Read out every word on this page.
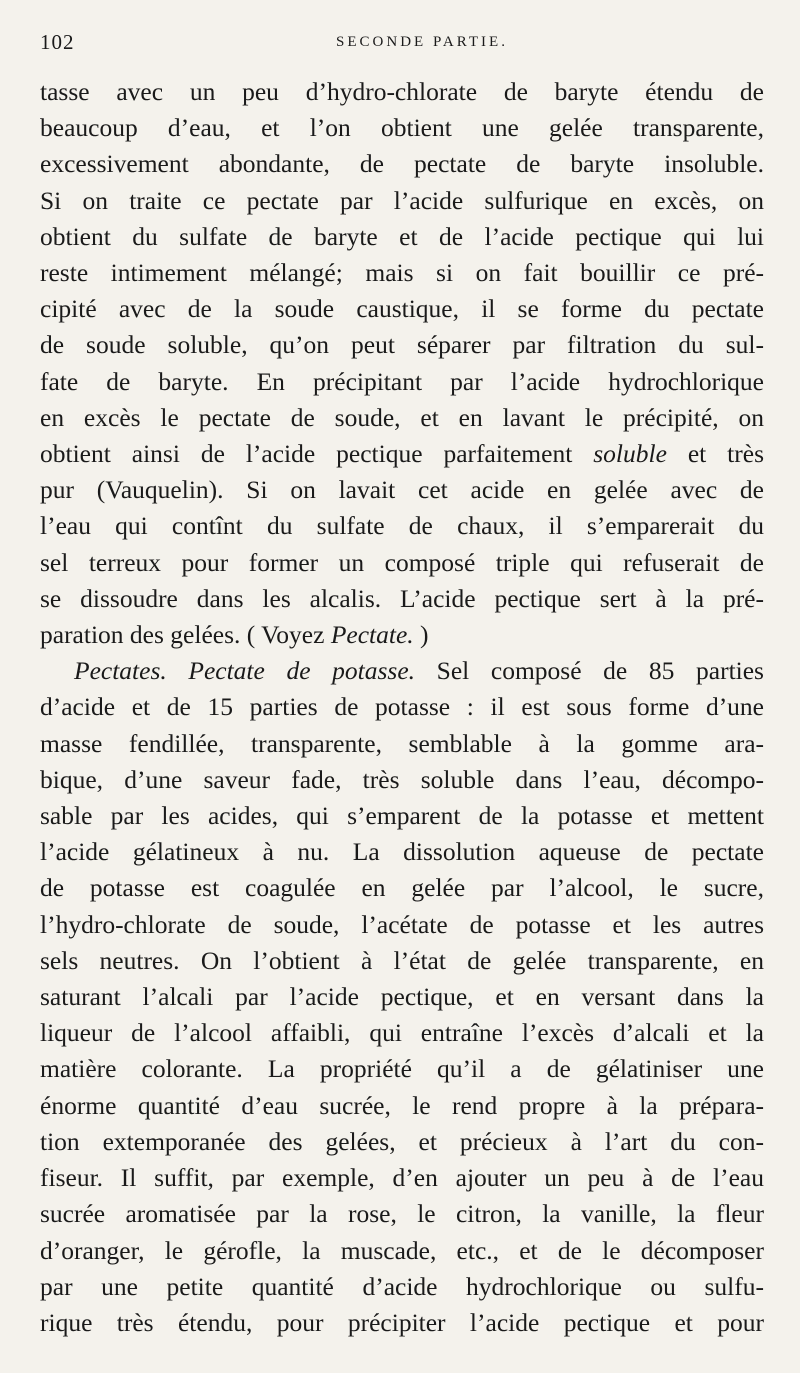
102	SECONDE PARTIE.
tasse avec un peu d’hydro-chlorate de baryte étendu de
beaucoup d’eau, et l’on obtient une gelée transparente,
excessivement abondante, de pectate de baryte insoluble.
Si on traite ce pectate par l’acide sulfurique en excès, on
obtient du sulfate de baryte et de l’acide pectique qui lui
reste intimement mélangé; mais si on fait bouillir ce pré-
cipité avec de la soude caustique, il se forme du pectate
de soude soluble, qu’on peut séparer par filtration du sul-
fate de baryte. En précipitant par l’acide hydrochlorique
en excès le pectate de soude, et en lavant le précipité, on
obtient ainsi de l’acide pectique parfaitement soluble et très
pur (Vauquelin). Si on lavait cet acide en gelée avec de
l’eau qui contînt du sulfate de chaux, il s’emparerait du
sel terreux pour former un composé triple qui refuserait de
se dissoudre dans les alcalis. L’acide pectique sert à la pré-
paration des gelées. ( Voyez Pectate. )
Pectates. Pectate de potasse. Sel composé de 85 parties
d’acide et de 15 parties de potasse : il est sous forme d’une
masse fendillée, transparente, semblable à la gomme ara-
bique, d’une saveur fade, très soluble dans l’eau, décompo-
sable par les acides, qui s’emparent de la potasse et mettent
l’acide gélatineux à nu. La dissolution aqueuse de pectate
de potasse est coagulée en gelée par l’alcool, le sucre,
l’hydro-chlorate de soude, l’acétate de potasse et les autres
sels neutres. On l’obtient à l’état de gelée transparente, en
saturant l’alcali par l’acide pectique, et en versant dans la
liqueur de l’alcool affaibli, qui entraîne l’excès d’alcali et la
matière colorante. La propriété qu’il a de gélatiniser une
énorme quantité d’eau sucrée, le rend propre à la prépara-
tion extemporanée des gelées, et précieux à l’art du con-
fiseur. Il suffit, par exemple, d’en ajouter un peu à de l’eau
sucrée aromatisée par la rose, le citron, la vanille, la fleur
d’oranger, le gérofle, la muscade, etc., et de le décomposer
par une petite quantité d’acide hydrochlorique ou sulfu-
rique très étendu, pour précipiter l’acide pectique et pour
